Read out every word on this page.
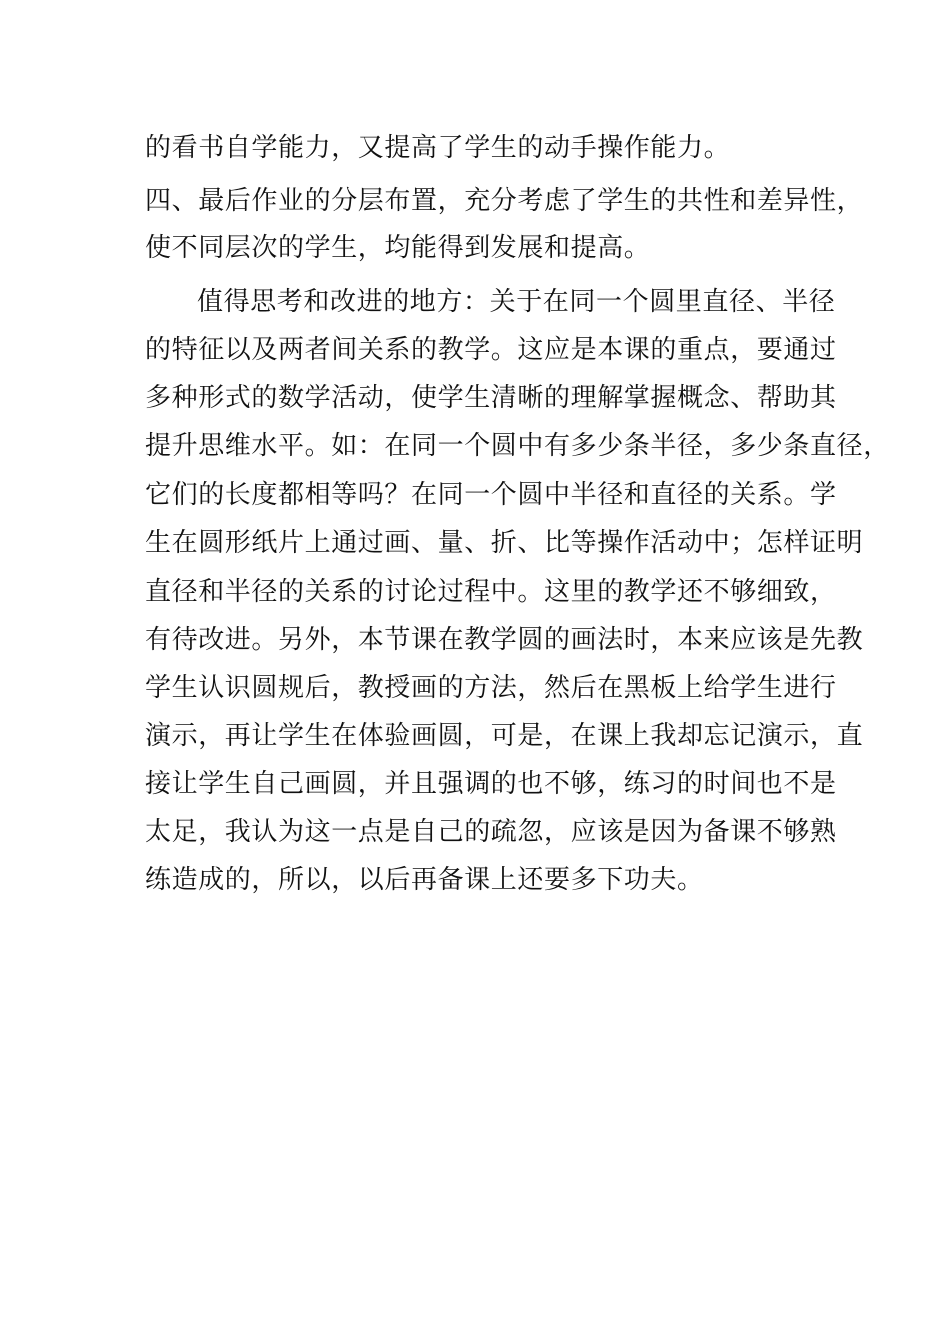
的看书自学能力，又提高了学生的动手操作能力。
四、最后作业的分层布置，充分考虑了学生的共性和差异性，
使不同层次的学生，均能得到发展和提高。
值得思考和改进的地方：关于在同一个圆里直径、半径
的特征以及两者间关系的教学。这应是本课的重点，要通过
多种形式的数学活动，使学生清晰的理解掌握概念、帮助其
提升思维水平。如：在同一个圆中有多少条半径，多少条直径，
它们的长度都相等吗？在同一个圆中半径和直径的关系。学
生在圆形纸片上通过画、量、折、比等操作活动中；怎样证明
直径和半径的关系的讨论过程中。这里的教学还不够细致，
有待改进。另外，本节课在教学圆的画法时，本来应该是先教
学生认识圆规后，教授画的方法，然后在黑板上给学生进行
演示，再让学生在体验画圆，可是，在课上我却忘记演示，直
接让学生自己画圆，并且强调的也不够，练习的时间也不是
太足，我认为这一点是自己的疏忽，应该是因为备课不够熟
练造成的，所以，以后再备课上还要多下功夫。
